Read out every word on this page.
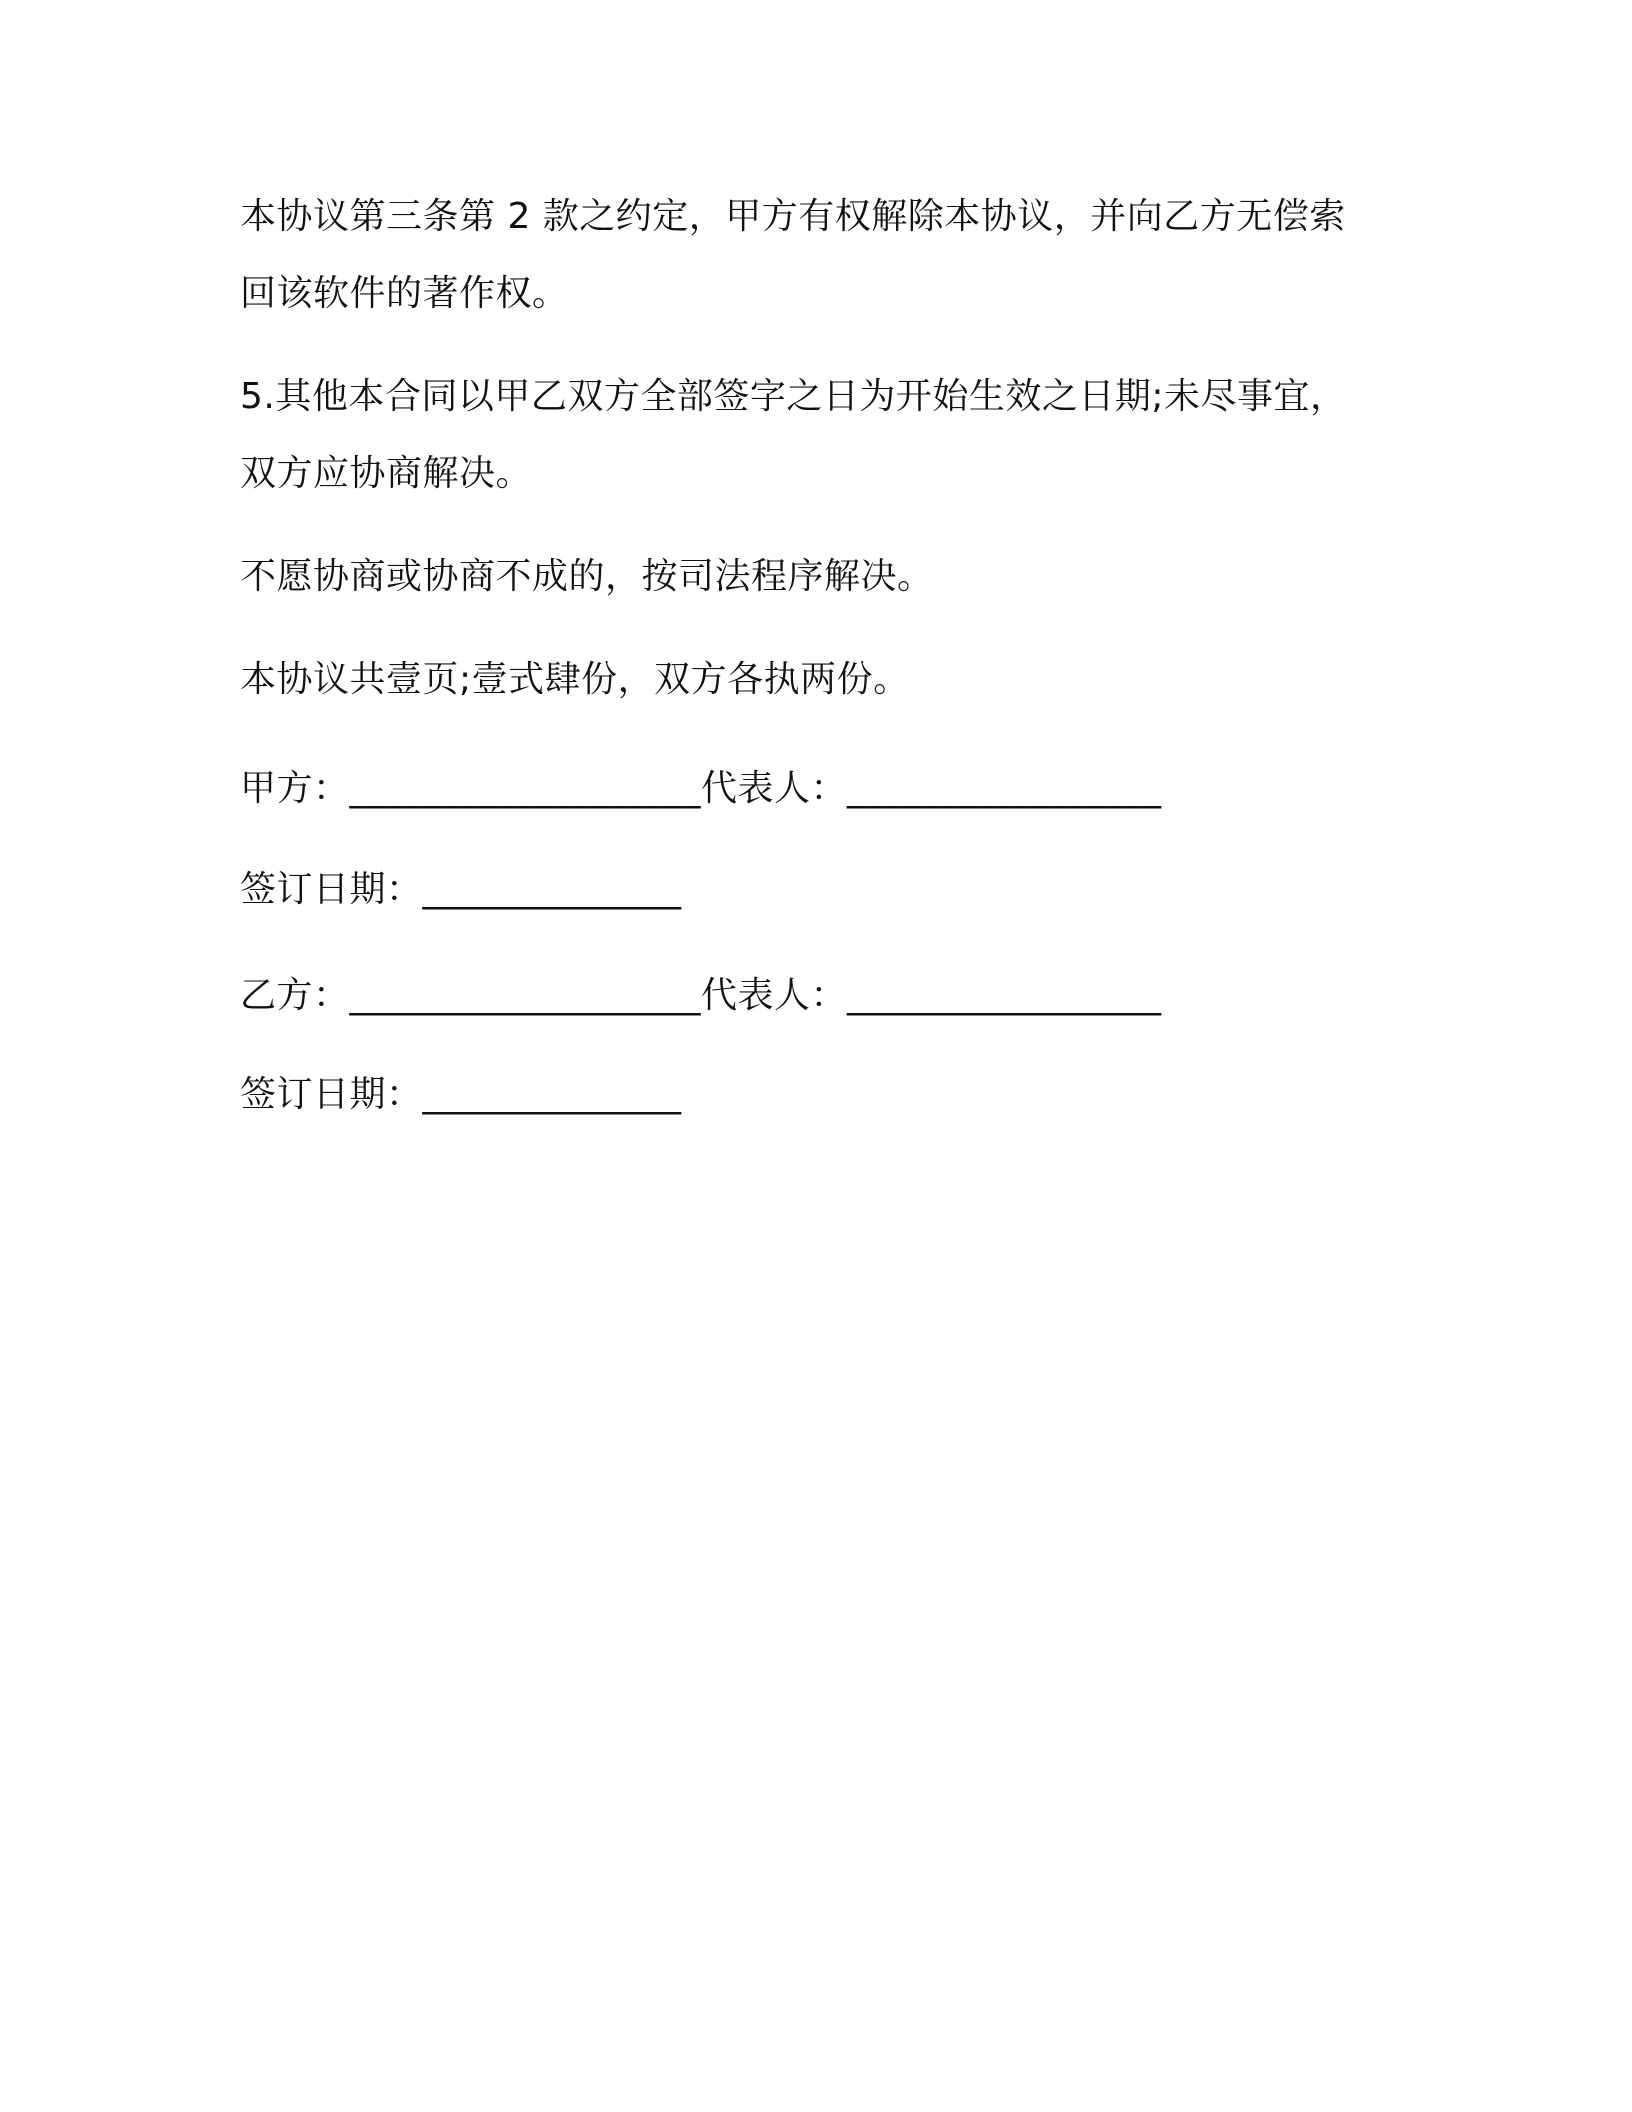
本协议第三条第 2 款之约定，甲方有权解除本协议，并向乙方无偿索
回该软件的著作权。
5.其他本合同以甲乙双方全部签字之日为开始生效之日期;未尽事宜，
双方应协商解决。
不愿协商或协商不成的，按司法程序解决。
本协议共壹页;壹式肆份，双方各执两份。
甲方：___________________代表人：_________________
签订日期：______________
乙方：___________________代表人：_________________
签订日期：______________
